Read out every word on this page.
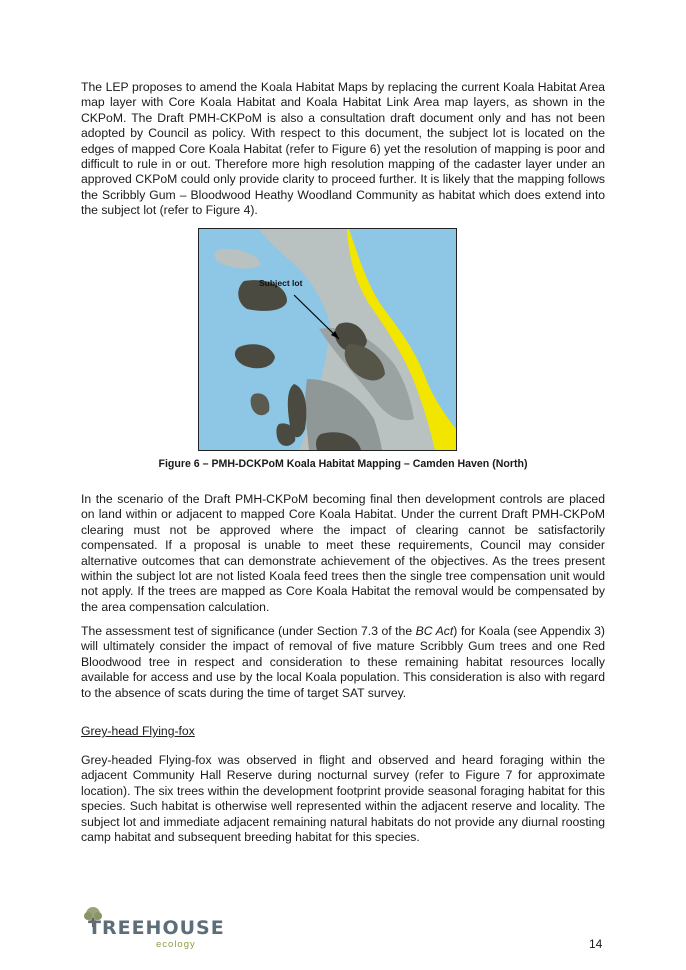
The LEP proposes to amend the Koala Habitat Maps by replacing the current Koala Habitat Area map layer with Core Koala Habitat and Koala Habitat Link Area map layers, as shown in the CKPoM. The Draft PMH-CKPoM is also a consultation draft document only and has not been adopted by Council as policy. With respect to this document, the subject lot is located on the edges of mapped Core Koala Habitat (refer to Figure 6) yet the resolution of mapping is poor and difficult to rule in or out. Therefore more high resolution mapping of the cadaster layer under an approved CKPoM could only provide clarity to proceed further. It is likely that the mapping follows the Scribbly Gum – Bloodwood Heathy Woodland Community as habitat which does extend into the subject lot (refer to Figure 4).

Subject lot

Figure 6 – PMH-DCKPoM Koala Habitat Mapping – Camden Haven (North)

In the scenario of the Draft PMH-CKPoM becoming final then development controls are placed on land within or adjacent to mapped Core Koala Habitat. Under the current Draft PMH-CKPoM clearing must not be approved where the impact of clearing cannot be satisfactorily compensated. If a proposal is unable to meet these requirements, Council may consider alternative outcomes that can demonstrate achievement of the objectives. As the trees present within the subject lot are not listed Koala feed trees then the single tree compensation unit would not apply. If the trees are mapped as Core Koala Habitat the removal would be compensated by the area compensation calculation.

The assessment test of significance (under Section 7.3 of the BC Act) for Koala (see Appendix 3) will ultimately consider the impact of removal of five mature Scribbly Gum trees and one Red Bloodwood tree in respect and consideration to these remaining habitat resources locally available for access and use by the local Koala population. This consideration is also with regard to the absence of scats during the time of target SAT survey.

Grey-head Flying-fox

Grey-headed Flying-fox was observed in flight and observed and heard foraging within the adjacent Community Hall Reserve during nocturnal survey (refer to Figure 7 for approximate location). The six trees within the development footprint provide seasonal foraging habitat for this species. Such habitat is otherwise well represented within the adjacent reserve and locality. The subject lot and immediate adjacent remaining natural habitats do not provide any diurnal roosting camp habitat and subsequent breeding habitat for this species.

TREEHOUSE
ecology	14
